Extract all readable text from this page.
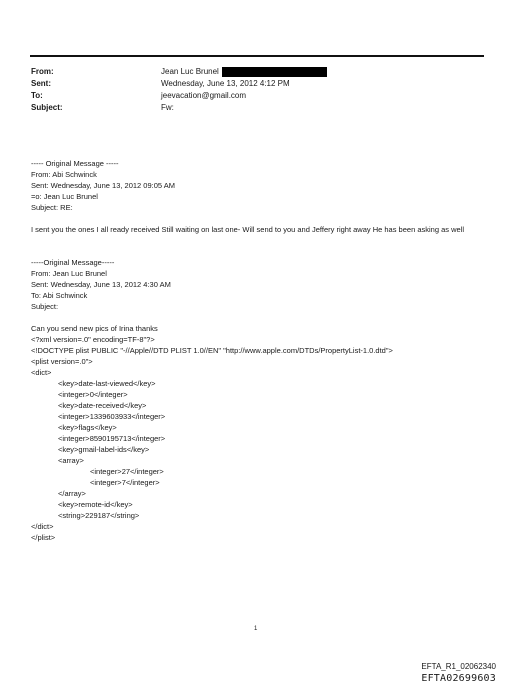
From:	Jean Luc Brunel
Sent:	Wednesday, June 13, 2012 4:12 PM
To:	jeevacation@gmail.com
Subject:	Fw:
----- Original Message -----
From: Abi Schwinck
Sent: Wednesday, June 13, 2012 09:05 AM
=o: Jean Luc Brunel
Subject: RE:
I sent you the ones I all ready received Still waiting on last one- Will send to you and Jeffery right away He has been asking as well
-----Original Message-----
From: Jean Luc Brunel
Sent: Wednesday, June 13, 2012 4:30 AM
To: Abi Schwinck
Subject:
Can you send new pics of Irina thanks
<?xml version=.0" encoding=TF-8"?>
<!DOCTYPE plist PUBLIC "-//Apple//DTD PLIST 1.0//EN" "http://www.apple.com/DTDs/PropertyList-1.0.dtd">
<plist version=.0">
<dict>
<key>date-last-viewed</key>
<integer>0</integer>
<key>date-received</key>
<integer>1339603933</integer>
<key>flags</key>
<integer>8590195713</integer>
<key>gmail-label-ids</key>
<array>
<integer>27</integer>
<integer>7</integer>
</array>
<key>remote-id</key>
<string>229187</string>
</dict>
</plist>
1
EFTA_R1_02062340
EFTA02699603
